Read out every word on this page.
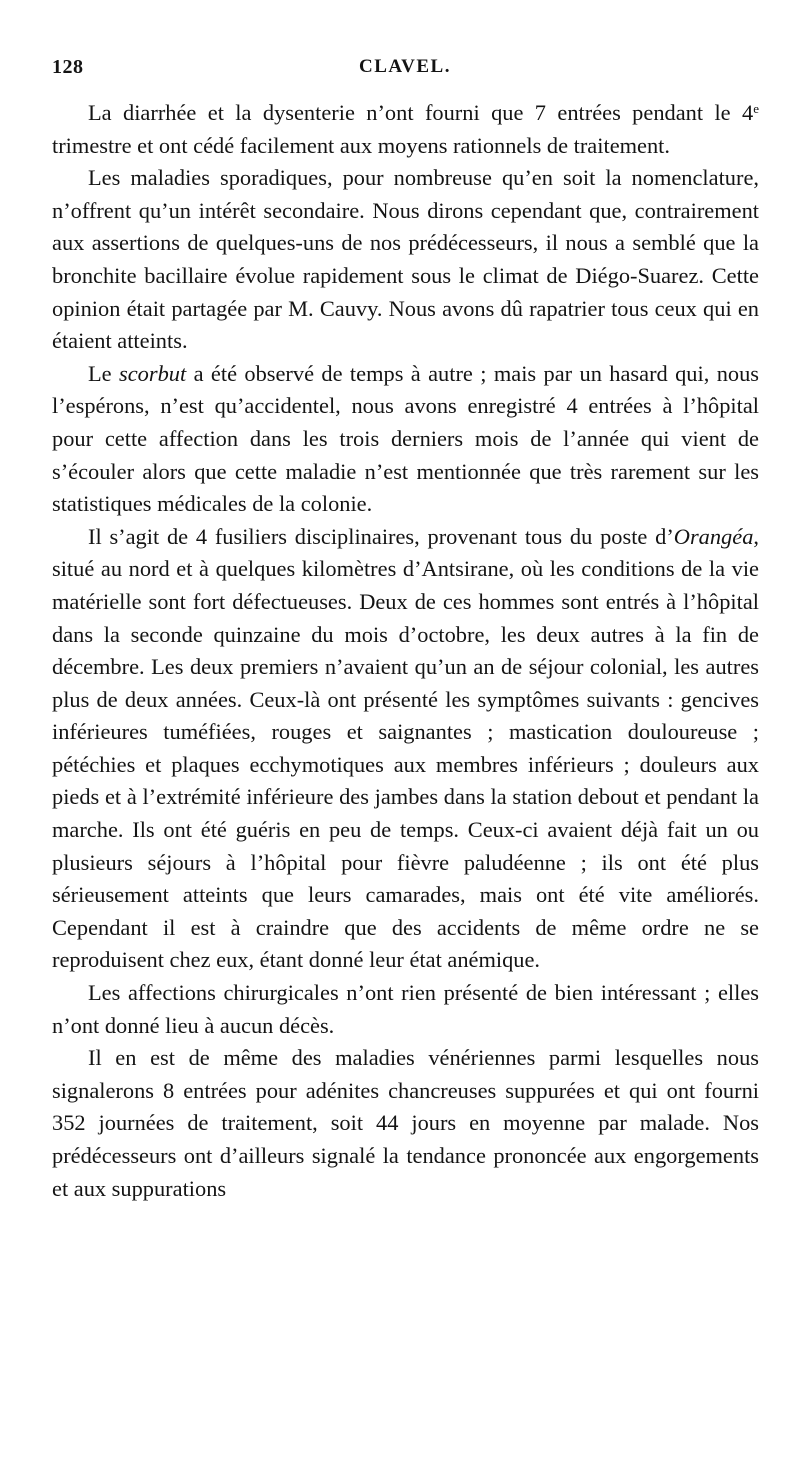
128	CLAVEL.

La diarrhée et la dysenterie n’ont fourni que 7 entrées pendant le 4e trimestre et ont cédé facilement aux moyens rationnels de traitement.

Les maladies sporadiques, pour nombreuse qu’en soit la nomenclature, n’offrent qu’un intérêt secondaire. Nous dirons cependant que, contrairement aux assertions de quelques-uns de nos prédécesseurs, il nous a semblé que la bronchite bacillaire évolue rapidement sous le climat de Diégo-Suarez. Cette opinion était partagée par M. Cauvy. Nous avons dû rapatrier tous ceux qui en étaient atteints.

Le scorbut a été observé de temps à autre ; mais par un hasard qui, nous l’espérons, n’est qu’accidentel, nous avons enregistré 4 entrées à l’hôpital pour cette affection dans les trois derniers mois de l’année qui vient de s’écouler alors que cette maladie n’est mentionnée que très rarement sur les statistiques médicales de la colonie.

Il s’agit de 4 fusiliers disciplinaires, provenant tous du poste d’Orangéa, situé au nord et à quelques kilomètres d’Antsirane, où les conditions de la vie matérielle sont fort défectueuses. Deux de ces hommes sont entrés à l’hôpital dans la seconde quinzaine du mois d’octobre, les deux autres à la fin de décembre. Les deux premiers n’avaient qu’un an de séjour colonial, les autres plus de deux années. Ceux-là ont présenté les symptômes suivants : gencives inférieures tuméfiées, rouges et saignantes ; mastication douloureuse ; pétéchies et plaques ecchymotiques aux membres inférieurs ; douleurs aux pieds et à l’extrémité inférieure des jambes dans la station debout et pendant la marche. Ils ont été guéris en peu de temps. Ceux-ci avaient déjà fait un ou plusieurs séjours à l’hôpital pour fièvre paludéenne ; ils ont été plus sérieusement atteints que leurs camarades, mais ont été vite améliorés. Cependant il est à craindre que des accidents de même ordre ne se reproduisent chez eux, étant donné leur état anémique.

Les affections chirurgicales n’ont rien présenté de bien intéressant ; elles n’ont donné lieu à aucun décès.

Il en est de même des maladies vénériennes parmi lesquelles nous signalerons 8 entrées pour adénites chancreuses suppurées et qui ont fourni 352 journées de traitement, soit 44 jours en moyenne par malade. Nos prédécesseurs ont d’ailleurs signalé la tendance prononcée aux engorgements et aux suppurations
